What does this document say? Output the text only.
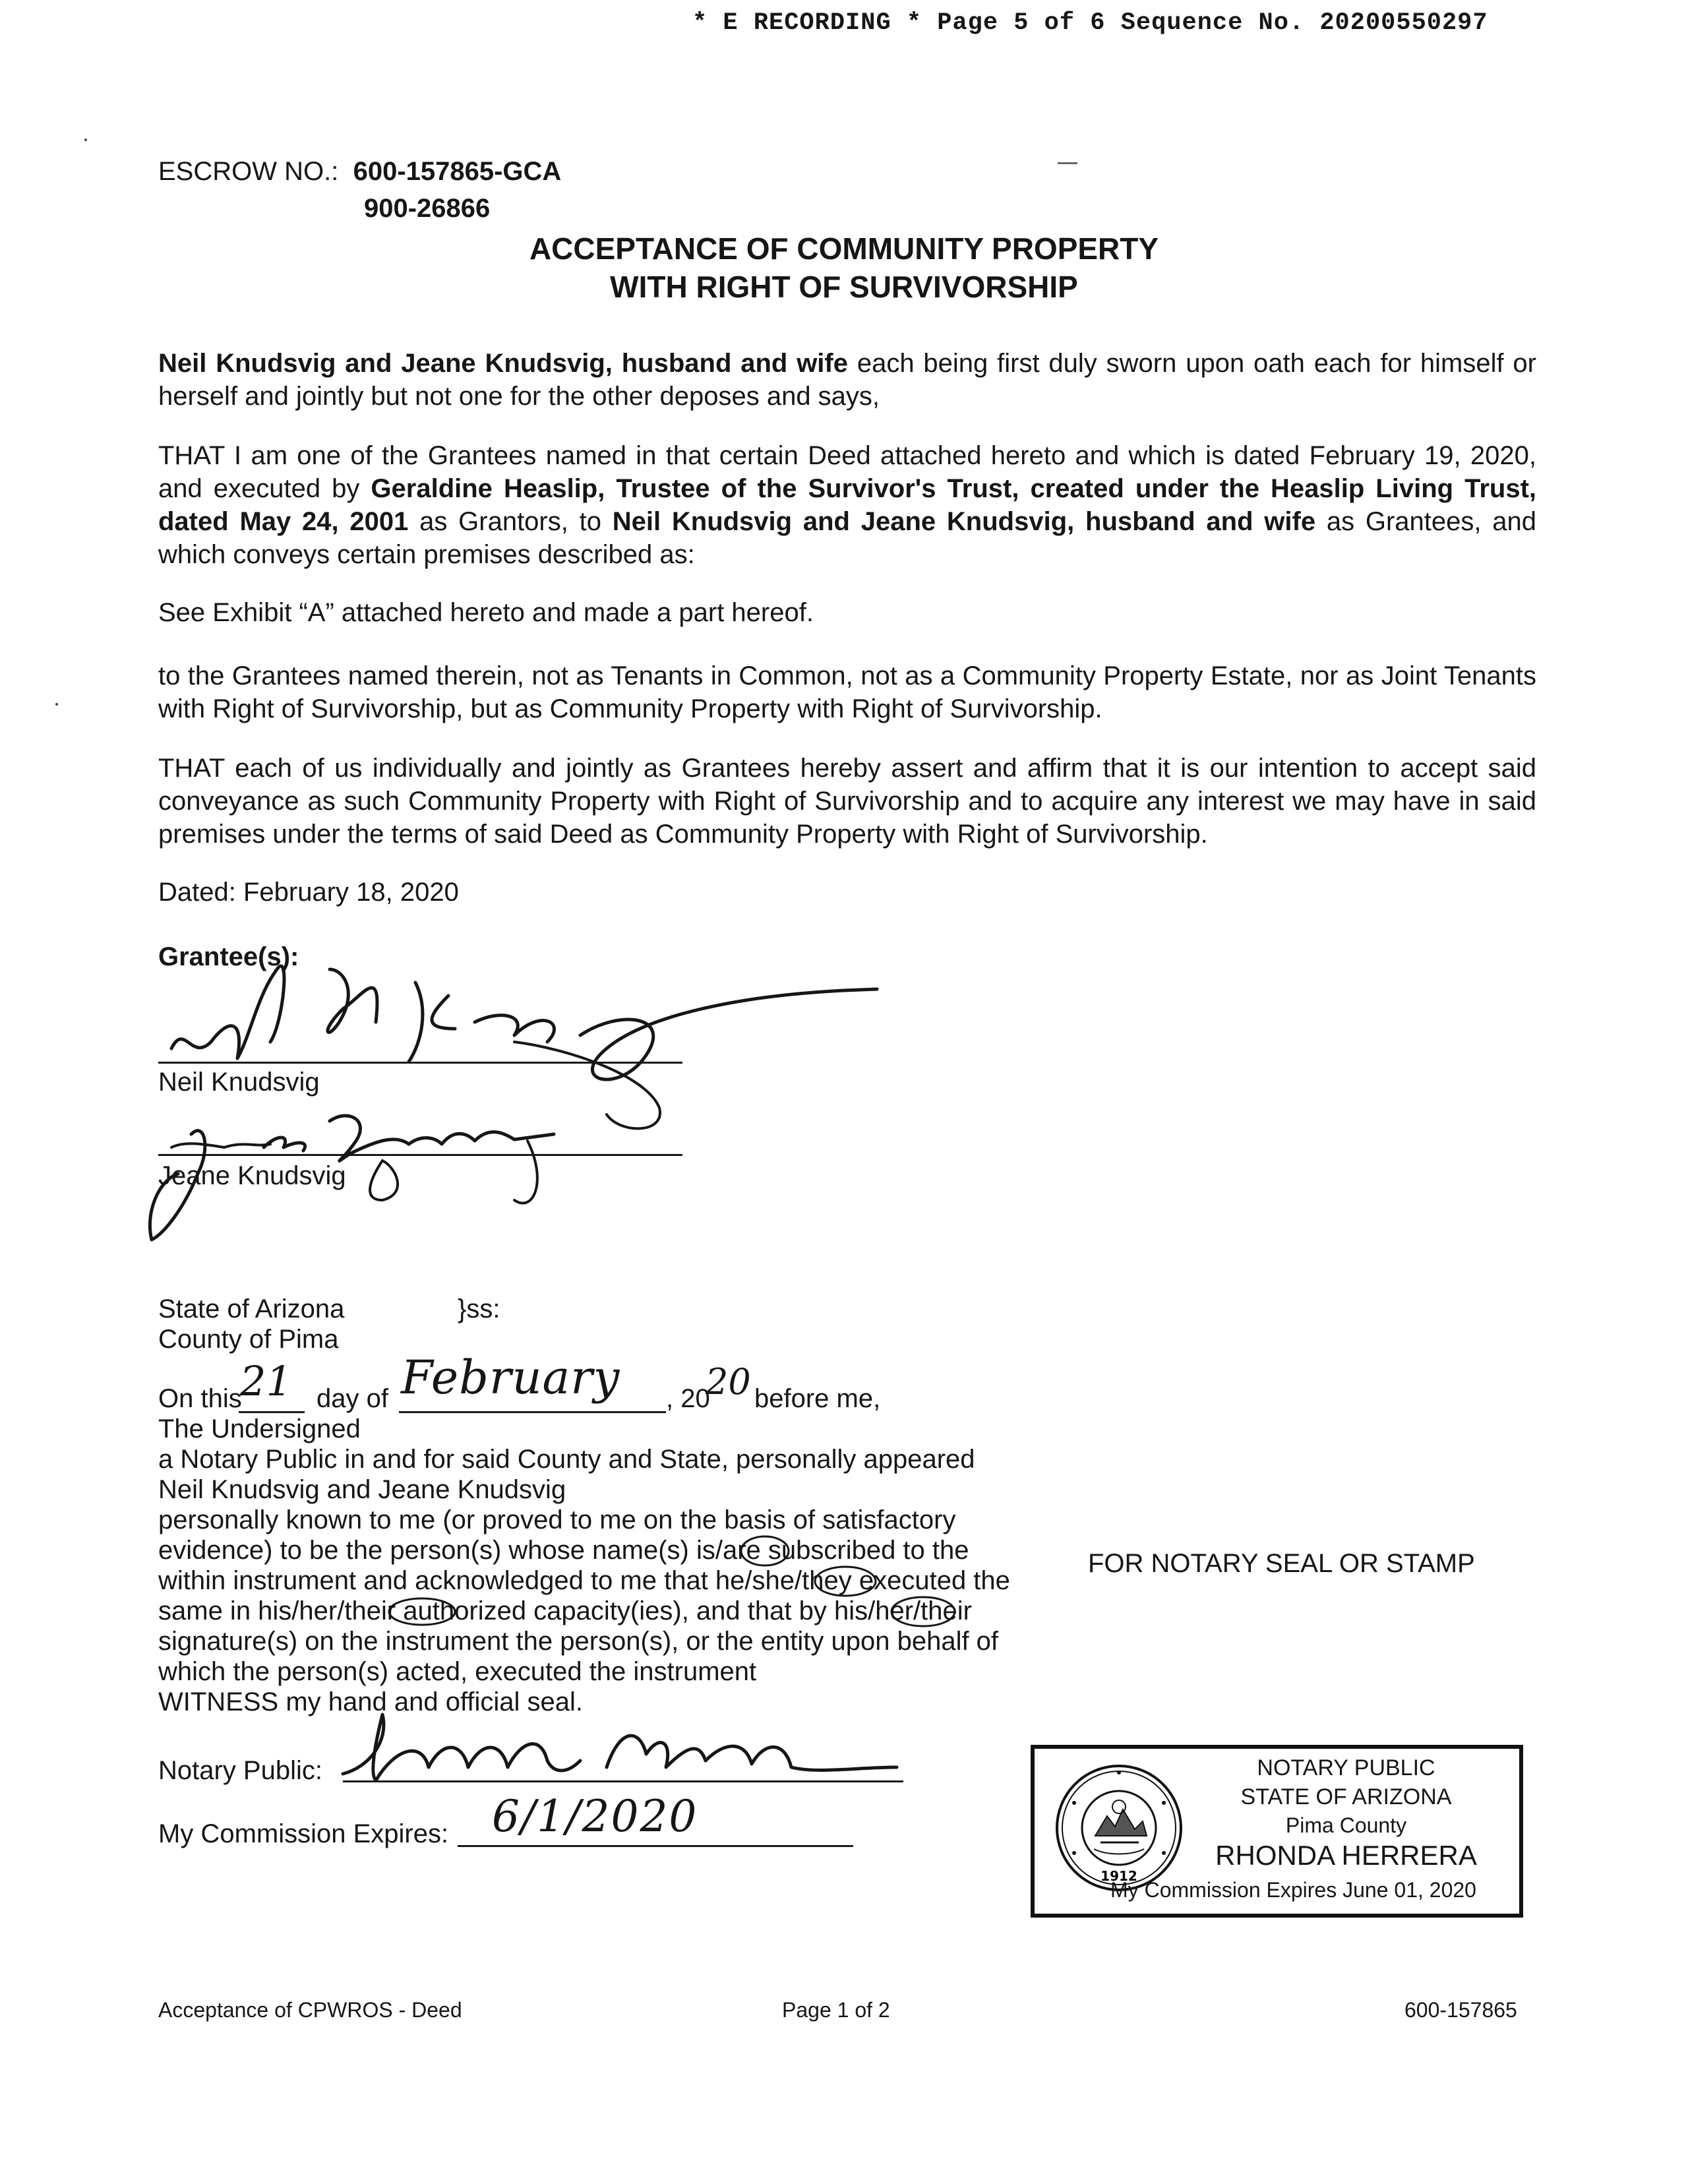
* E RECORDING * Page 5 of 6 Sequence No. 20200550297
ESCROW NO.: 600-157865-GCA
900-26866
ACCEPTANCE OF COMMUNITY PROPERTY
WITH RIGHT OF SURVIVORSHIP
Neil Knudsvig and Jeane Knudsvig, husband and wife each being first duly sworn upon oath each for himself or herself and jointly but not one for the other deposes and says,
THAT I am one of the Grantees named in that certain Deed attached hereto and which is dated February 19, 2020, and executed by Geraldine Heaslip, Trustee of the Survivor's Trust, created under the Heaslip Living Trust, dated May 24, 2001 as Grantors, to Neil Knudsvig and Jeane Knudsvig, husband and wife as Grantees, and which conveys certain premises described as:
See Exhibit “A” attached hereto and made a part hereof.
to the Grantees named therein, not as Tenants in Common, not as a Community Property Estate, nor as Joint Tenants with Right of Survivorship, but as Community Property with Right of Survivorship.
THAT each of us individually and jointly as Grantees hereby assert and affirm that it is our intention to accept said conveyance as such Community Property with Right of Survivorship and to acquire any interest we may have in said premises under the terms of said Deed as Community Property with Right of Survivorship.
Dated: February 18, 2020
Grantee(s):
Neil Knudsvig
Jeane Knudsvig
State of Arizona	}ss:
County of Pima
On this
21 day of February , 20
20 before me,
The Undersigned
a Notary Public in and for said County and State, personally appeared
Neil Knudsvig and Jeane Knudsvig
personally known to me (or proved to me on the basis of satisfactory
evidence) to be the person(s) whose name(s) is/are subscribed to the
within instrument and acknowledged to me that he/she/they executed the
same in his/her/their authorized capacity(ies), and that by his/her/their
signature(s) on the instrument the person(s), or the entity upon behalf of
which the person(s) acted, executed the instrument
WITNESS my hand and official seal.
Notary Public:
My Commission Expires: 6/1/2020
FOR NOTARY SEAL OR STAMP
1912
NOTARY PUBLIC
STATE OF ARIZONA
Pima County
RHONDA HERRERA
My Commission Expires June 01, 2020
Acceptance of CPWROS - Deed	Page 1 of 2	600-157865
